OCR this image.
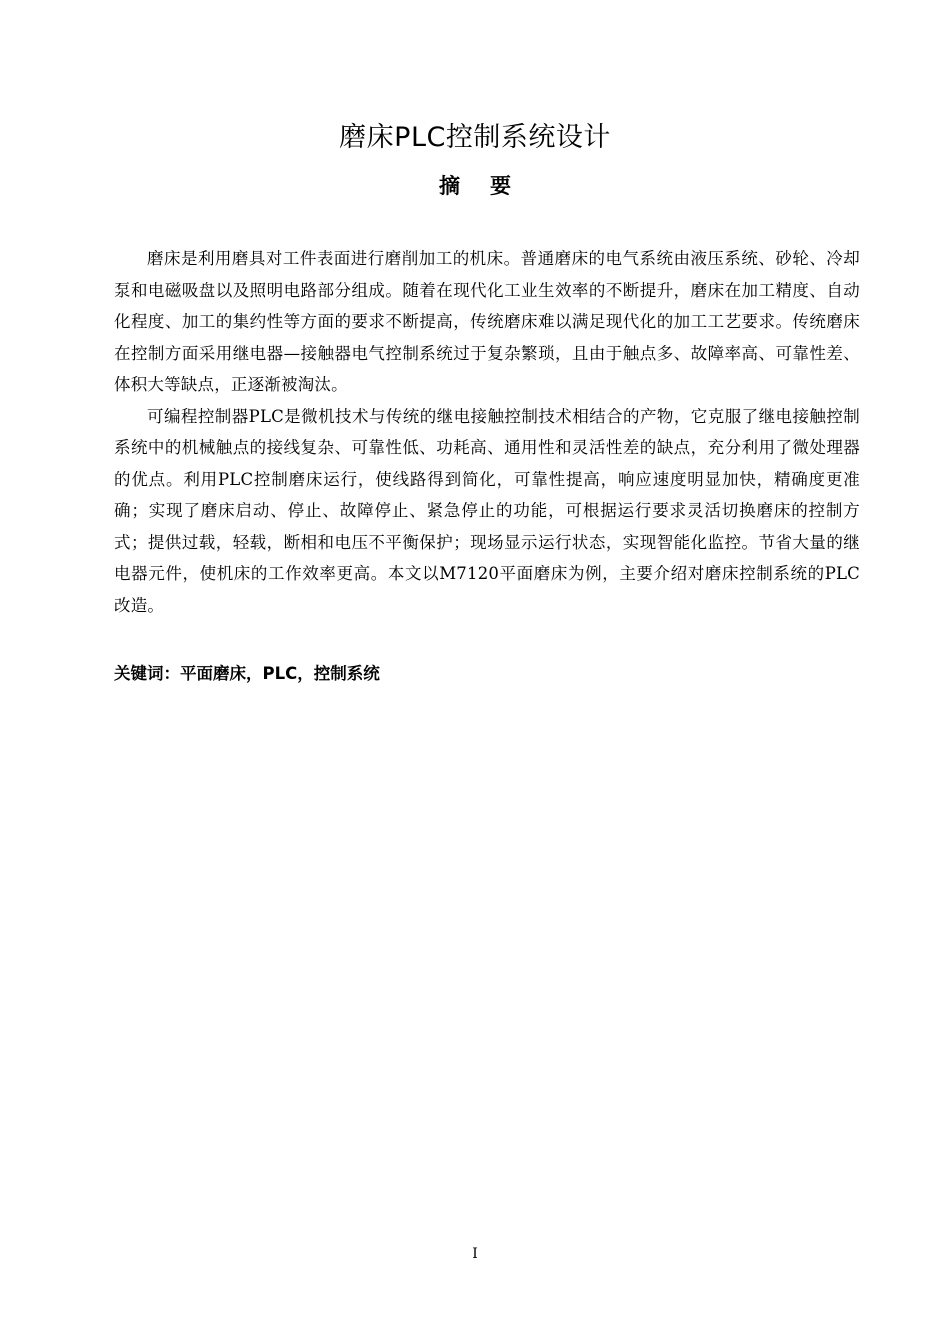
磨床PLC控制系统设计
摘要

磨床是利用磨具对工件表面进行磨削加工的机床。普通磨床的电气系统由液压系统、砂轮、冷却泵和电磁吸盘以及照明电路部分组成。随着在现代化工业生效率的不断提升，磨床在加工精度、自动化程度、加工的集约性等方面的要求不断提高，传统磨床难以满足现代化的加工工艺要求。传统磨床在控制方面采用继电器—接触器电气控制系统过于复杂繁琐，且由于触点多、故障率高、可靠性差、体积大等缺点，正逐渐被淘汰。

可编程控制器PLC是微机技术与传统的继电接触控制技术相结合的产物，它克服了继电接触控制系统中的机械触点的接线复杂、可靠性低、功耗高、通用性和灵活性差的缺点，充分利用了微处理器的优点。利用PLC控制磨床运行，使线路得到简化，可靠性提高，响应速度明显加快，精确度更准确；实现了磨床启动、停止、故障停止、紧急停止的功能，可根据运行要求灵活切换磨床的控制方式；提供过载，轻载，断相和电压不平衡保护；现场显示运行状态，实现智能化监控。节省大量的继电器元件，使机床的工作效率更高。本文以M7120平面磨床为例，主要介绍对磨床控制系统的PLC改造。

关键词：平面磨床，PLC，控制系统
I
